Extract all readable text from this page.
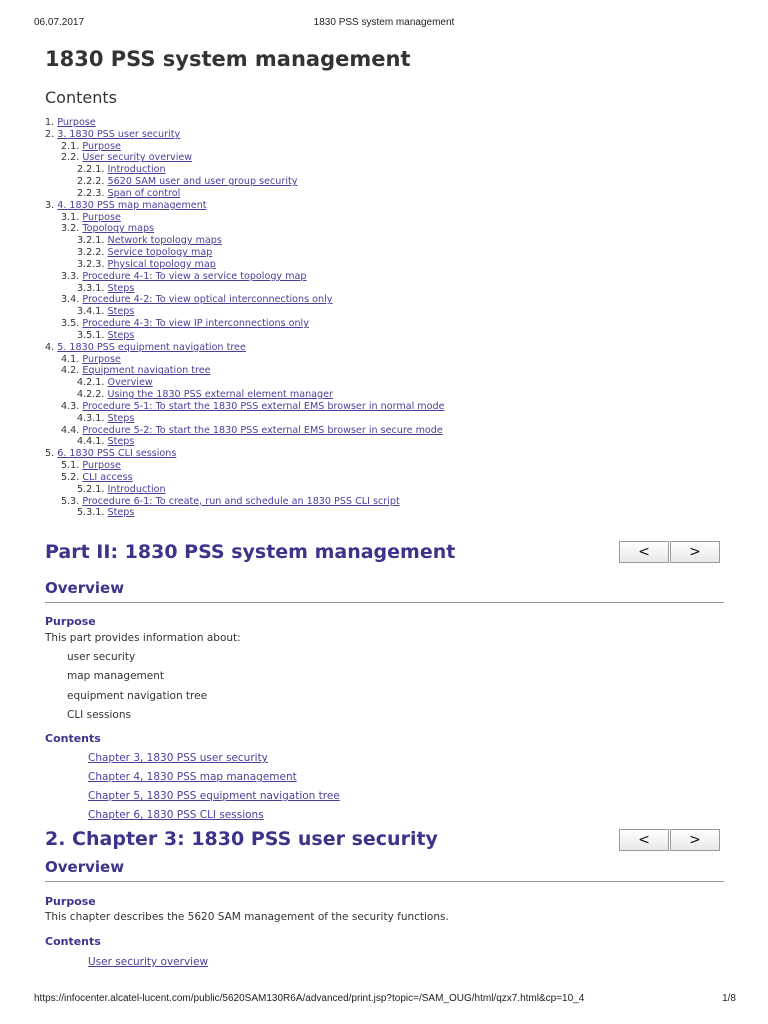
06.07.2017	1830 PSS system management
1830 PSS system management
Contents
1. Purpose
2. 3. 1830 PSS user security
2.1. Purpose
2.2. User security overview
2.2.1. Introduction
2.2.2. 5620 SAM user and user group security
2.2.3. Span of control
3. 4. 1830 PSS map management
3.1. Purpose
3.2. Topology maps
3.2.1. Network topology maps
3.2.2. Service topology map
3.2.3. Physical topology map
3.3. Procedure 4-1: To view a service topology map
3.3.1. Steps
3.4. Procedure 4-2: To view optical interconnections only
3.4.1. Steps
3.5. Procedure 4-3: To view IP interconnections only
3.5.1. Steps
4. 5. 1830 PSS equipment navigation tree
4.1. Purpose
4.2. Equipment navigation tree
4.2.1. Overview
4.2.2. Using the 1830 PSS external element manager
4.3. Procedure 5-1: To start the 1830 PSS external EMS browser in normal mode
4.3.1. Steps
4.4. Procedure 5-2: To start the 1830 PSS external EMS browser in secure mode
4.4.1. Steps
5. 6. 1830 PSS CLI sessions
5.1. Purpose
5.2. CLI access
5.2.1. Introduction
5.3. Procedure 6-1: To create, run and schedule an 1830 PSS CLI script
5.3.1. Steps
Part II: 1830 PSS system management	<	>
Overview
Purpose

This part provides information about:

user security
map management
equipment navigation tree
CLI sessions
Contents
Chapter 3, 1830 PSS user security
Chapter 4, 1830 PSS map management
Chapter 5, 1830 PSS equipment navigation tree
Chapter 6, 1830 PSS CLI sessions
2. Chapter 3: 1830 PSS user security	<	>
Overview
Purpose

This chapter describes the 5620 SAM management of the security functions.

Contents
User security overview
https://infocenter.alcatel-lucent.com/public/5620SAM130R6A/advanced/print.jsp?topic=/SAM_OUG/html/qzx7.html&cp=10_4	1/8
